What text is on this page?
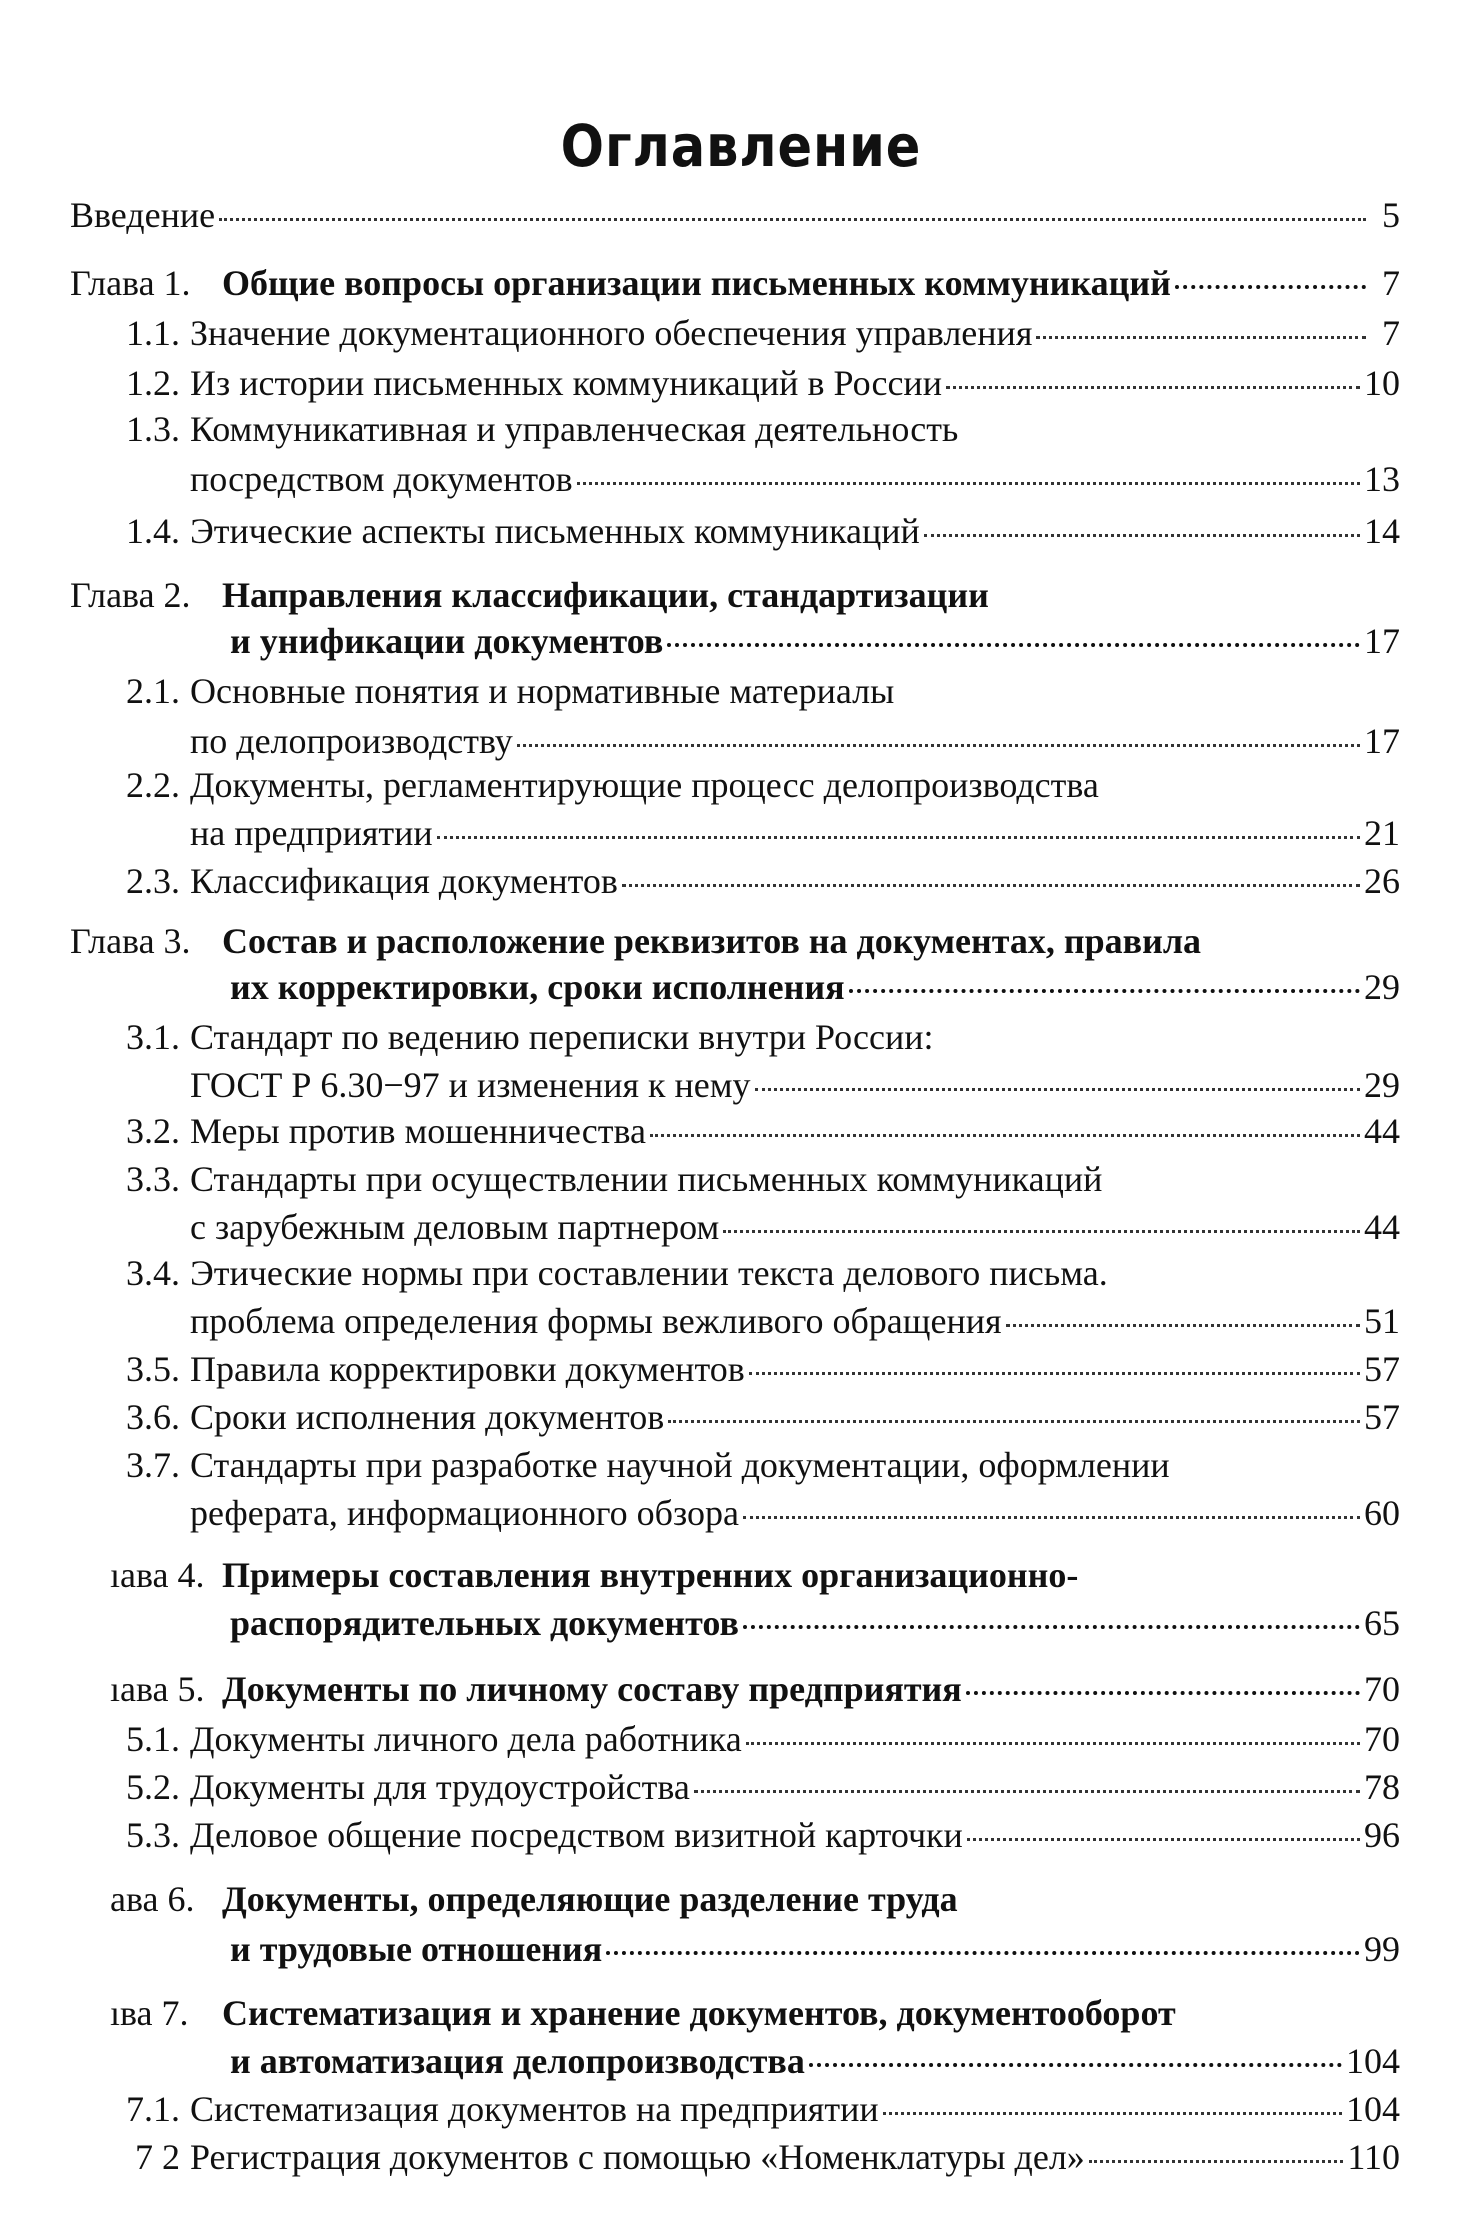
Оглавление
Введение	5
Глава 1. Общие вопросы организации письменных коммуникаций	7
1.1. Значение документационного обеспечения управления	7
1.2. Из истории письменных коммуникаций в России	10
1.3. Коммуникативная и управленческая деятельность
посредством документов	13
1.4. Этические аспекты письменных коммуникаций	14
Глава 2. Направления классификации, стандартизации
и унификации документов	17
2.1. Основные понятия и нормативные материалы
по делопроизводству	17
2.2. Документы, регламентирующие процесс делопроизводства
на предприятии	21
2.3. Классификация документов	26
Глава 3. Состав и расположение реквизитов на документах, правила
их корректировки, сроки исполнения	29
3.1. Стандарт по ведению переписки внутри России:
ГОСТ Р 6.30−97 и изменения к нему	29
3.2. Меры против мошенничества	44
3.3. Стандарты при осуществлении письменных коммуникаций
с зарубежным деловым партнером	44
3.4. Этические нормы при составлении текста делового письма.
проблема определения формы вежливого обращения	51
3.5. Правила корректировки документов	57
3.6. Сроки исполнения документов	57
3.7. Стандарты при разработке научной документации, оформлении
реферата, информационного обзора	60
ıава 4. Примеры составления внутренних организационно-
распорядительных документов	65
ıава 5. Документы по личному составу предприятия	70
5.1. Документы личного дела работника	70
5.2. Документы для трудоустройства	78
5.3. Деловое общение посредством визитной карточки	96
ава 6. Документы, определяющие разделение труда
и трудовые отношения	99
ıва 7. Систематизация и хранение документов, документооборот
и автоматизация делопроизводства	104
7.1. Систематизация документов на предприятии	104
7 2 Регистрация документов с помощью «Номенклатуры дел»	110
